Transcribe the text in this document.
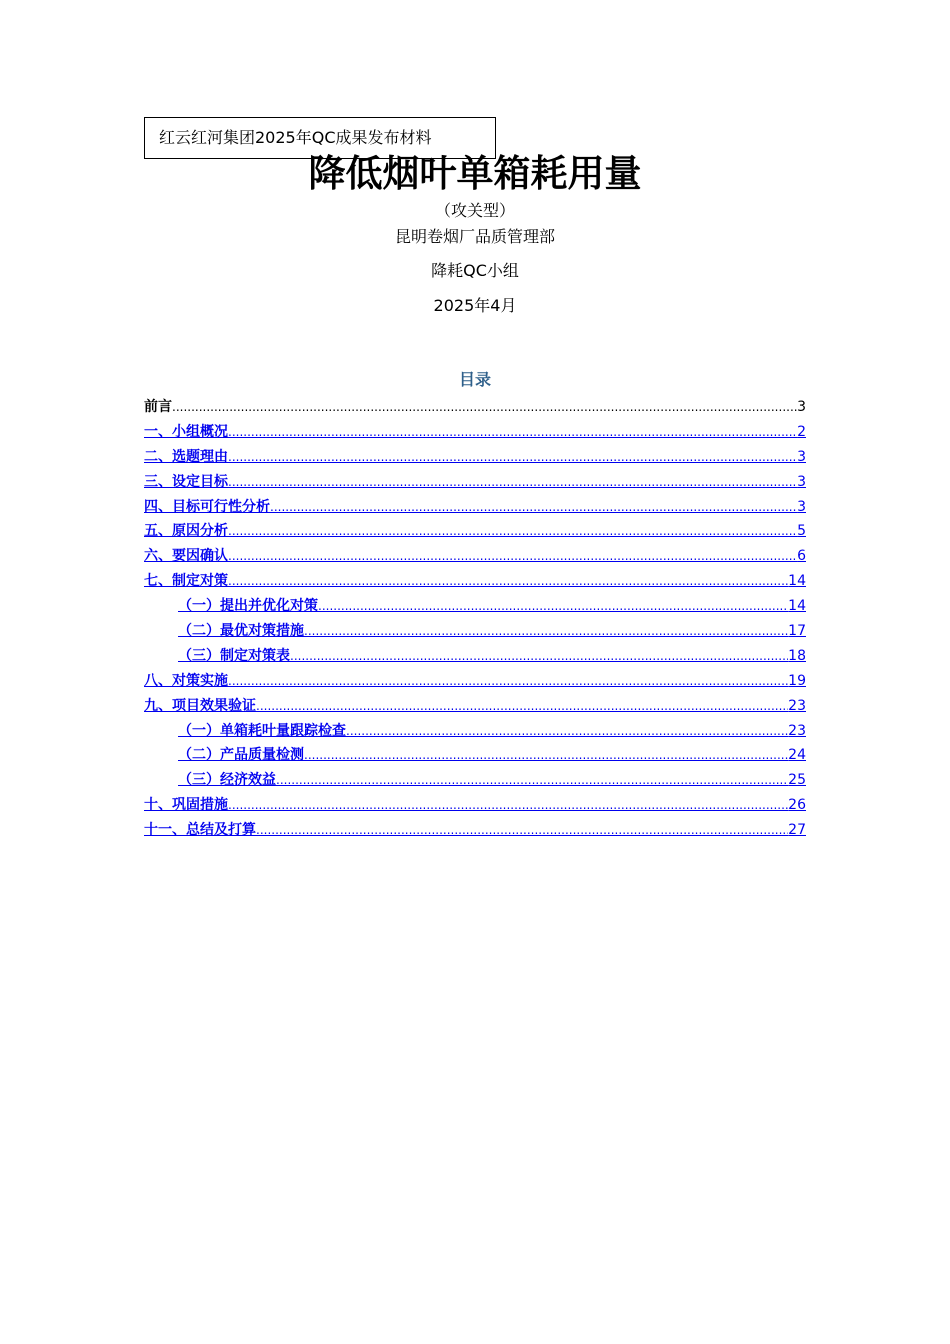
红云红河集团2025年QC成果发布材料
降低烟叶单箱耗用量
（攻关型）
昆明卷烟厂品质管理部
降耗QC小组
2025年4月
目录
前言 .....	3
一、小组概况 .....	2
二、选题理由 .....	3
三、设定目标 .....	3
四、目标可行性分析 .....	3
五、原因分析 .....	5
六、要因确认 .....	6
七、制定对策 .....	14
（一）提出并优化对策 .....	14
（二）最优对策措施 .....	17
（三）制定对策表 .....	18
八、对策实施 .....	19
九、项目效果验证 .....	23
（一）单箱耗叶量跟踪检查 .....	23
（二）产品质量检测 .....	24
（三）经济效益 .....	25
十、巩固措施 .....	26
十一、总结及打算 .....	27
